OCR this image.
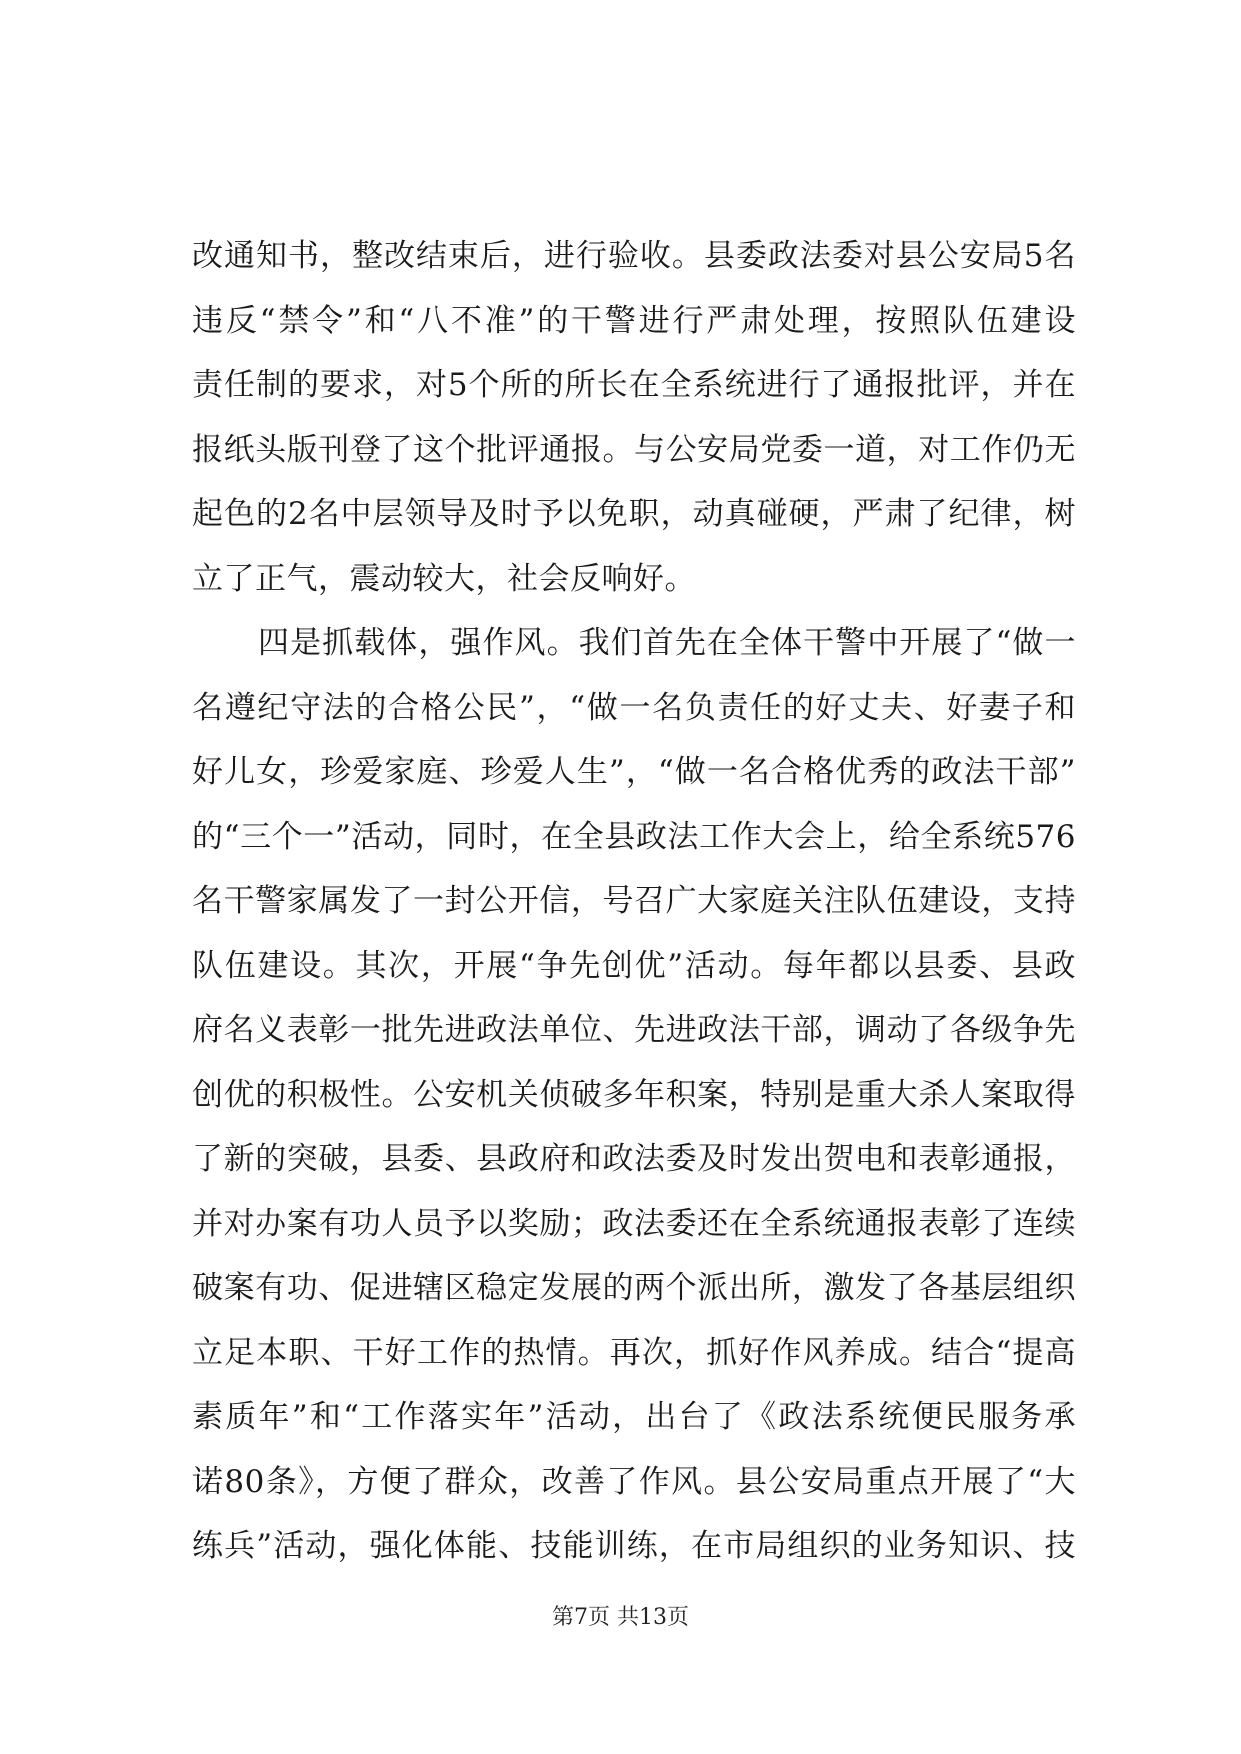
改通知书，整改结束后，进行验收。县委政法委对县公安局5名
违反“禁令”和“八不准”的干警进行严肃处理，按照队伍建设
责任制的要求，对5个所的所长在全系统进行了通报批评，并在
报纸头版刊登了这个批评通报。与公安局党委一道，对工作仍无
起色的2名中层领导及时予以免职，动真碰硬，严肃了纪律，树
立了正气，震动较大，社会反响好。
四是抓载体，强作风。我们首先在全体干警中开展了“做一
名遵纪守法的合格公民”，“做一名负责任的好丈夫、好妻子和
好儿女，珍爱家庭、珍爱人生”，“做一名合格优秀的政法干部”
的“三个一”活动，同时，在全县政法工作大会上，给全系统576
名干警家属发了一封公开信，号召广大家庭关注队伍建设，支持
队伍建设。其次，开展“争先创优”活动。每年都以县委、县政
府名义表彰一批先进政法单位、先进政法干部，调动了各级争先
创优的积极性。公安机关侦破多年积案，特别是重大杀人案取得
了新的突破，县委、县政府和政法委及时发出贺电和表彰通报，
并对办案有功人员予以奖励；政法委还在全系统通报表彰了连续
破案有功、促进辖区稳定发展的两个派出所，激发了各基层组织
立足本职、干好工作的热情。再次，抓好作风养成。结合“提高
素质年”和“工作落实年”活动，出台了《政法系统便民服务承
诺80条》，方便了群众，改善了作风。县公安局重点开展了“大
练兵”活动，强化体能、技能训练，在市局组织的业务知识、技
第7页 共13页
